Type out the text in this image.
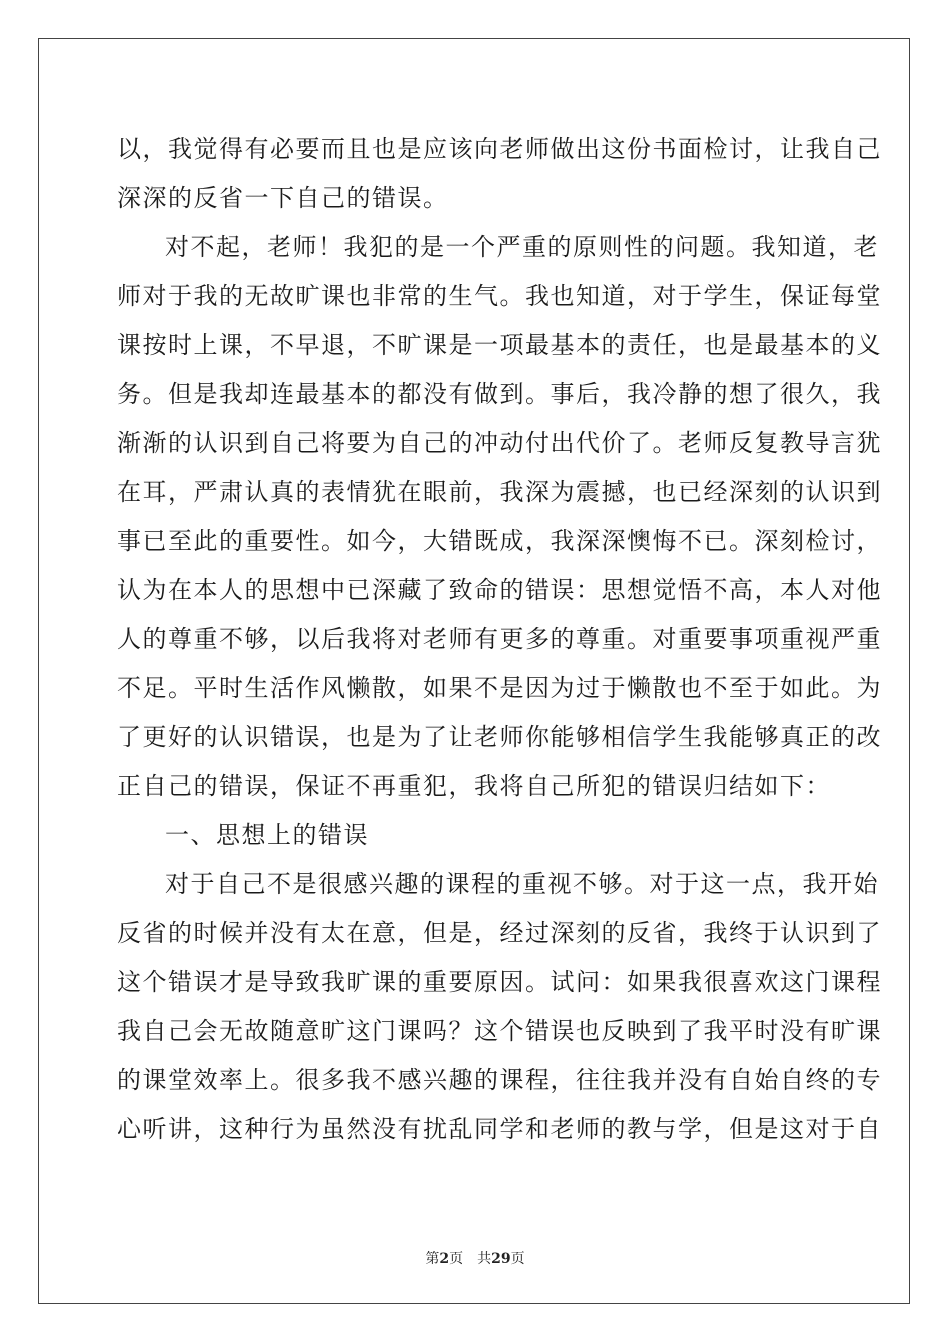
以，我觉得有必要而且也是应该向老师做出这份书面检讨，让我自己
深深的反省一下自己的错误。
对不起，老师！我犯的是一个严重的原则性的问题。我知道，老
师对于我的无故旷课也非常的生气。我也知道，对于学生，保证每堂
课按时上课，不早退，不旷课是一项最基本的责任，也是最基本的义
务。但是我却连最基本的都没有做到。事后，我冷静的想了很久，我
渐渐的认识到自己将要为自己的冲动付出代价了。老师反复教导言犹
在耳，严肃认真的表情犹在眼前，我深为震撼，也已经深刻的认识到
事已至此的重要性。如今，大错既成，我深深懊悔不已。深刻检讨，
认为在本人的思想中已深藏了致命的错误：思想觉悟不高，本人对他
人的尊重不够，以后我将对老师有更多的尊重。对重要事项重视严重
不足。平时生活作风懒散，如果不是因为过于懒散也不至于如此。为
了更好的认识错误，也是为了让老师你能够相信学生我能够真正的改
正自己的错误，保证不再重犯，我将自己所犯的错误归结如下：
一、思想上的错误
对于自己不是很感兴趣的课程的重视不够。对于这一点，我开始
反省的时候并没有太在意，但是，经过深刻的反省，我终于认识到了
这个错误才是导致我旷课的重要原因。试问：如果我很喜欢这门课程
我自己会无故随意旷这门课吗？这个错误也反映到了我平时没有旷课
的课堂效率上。很多我不感兴趣的课程，往往我并没有自始自终的专
心听讲，这种行为虽然没有扰乱同学和老师的教与学，但是这对于自
第2页 共29页
